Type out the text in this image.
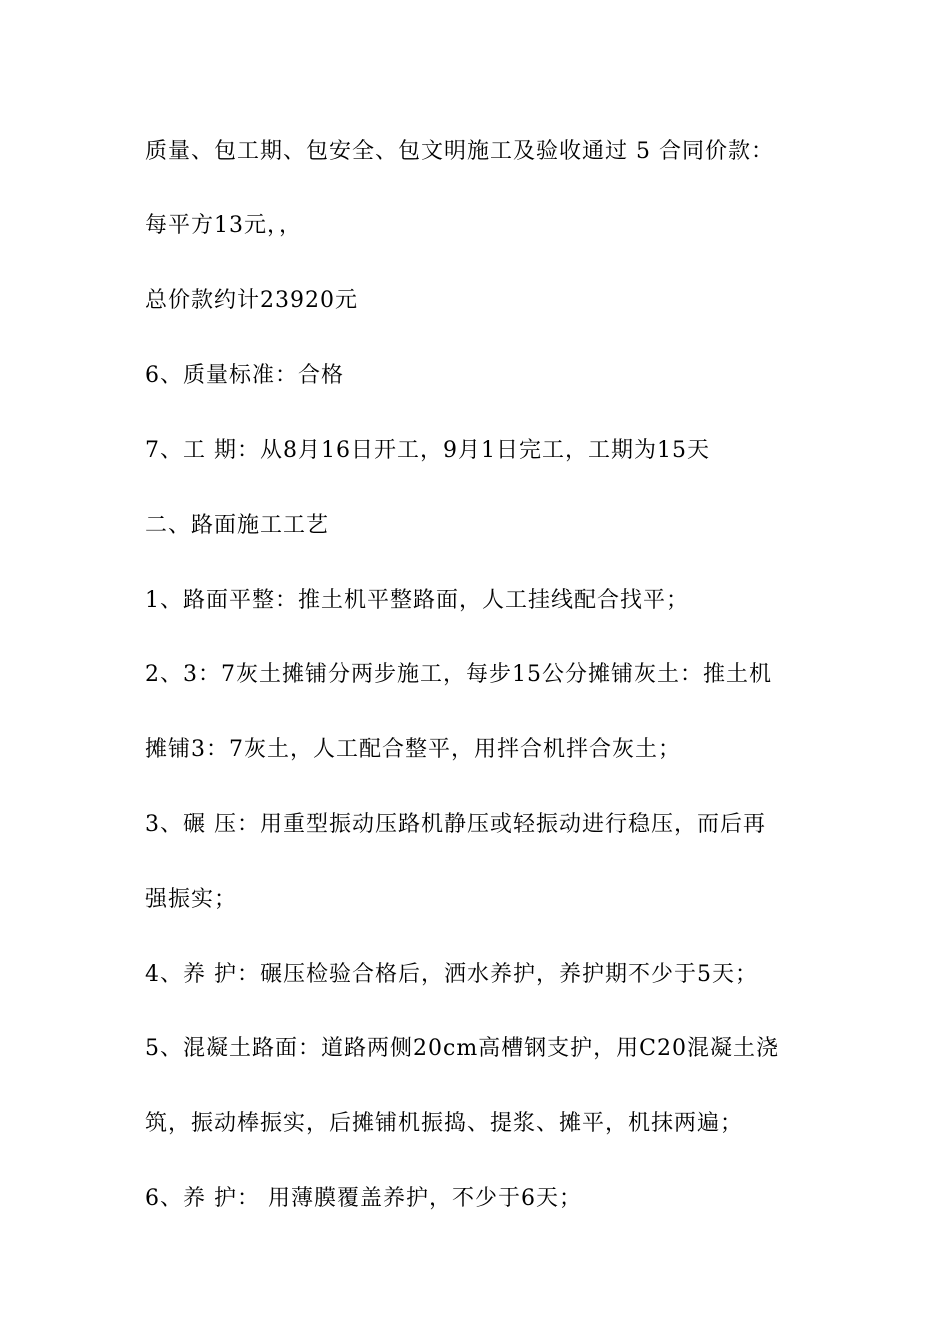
质量、包工期、包安全、包文明施工及验收通过 5 合同价款：
每平方13元，，
总价款约计23920元
6、质量标准：合格
7、工 期：从8月16日开工，9月1日完工，工期为15天
二、路面施工工艺
1、路面平整：推土机平整路面，人工挂线配合找平；
2、3：7灰土摊铺分两步施工，每步15公分摊铺灰土：推土机
摊铺3：7灰土，人工配合整平，用拌合机拌合灰土；
3、碾 压：用重型振动压路机静压或轻振动进行稳压，而后再
强振实；
4、养 护：碾压检验合格后，洒水养护，养护期不少于5天；
5、混凝土路面：道路两侧20cm高槽钢支护，用C20混凝土浇
筑，振动棒振实，后摊铺机振捣、提浆、摊平，机抹两遍；
6、养 护： 用薄膜覆盖养护，不少于6天；
